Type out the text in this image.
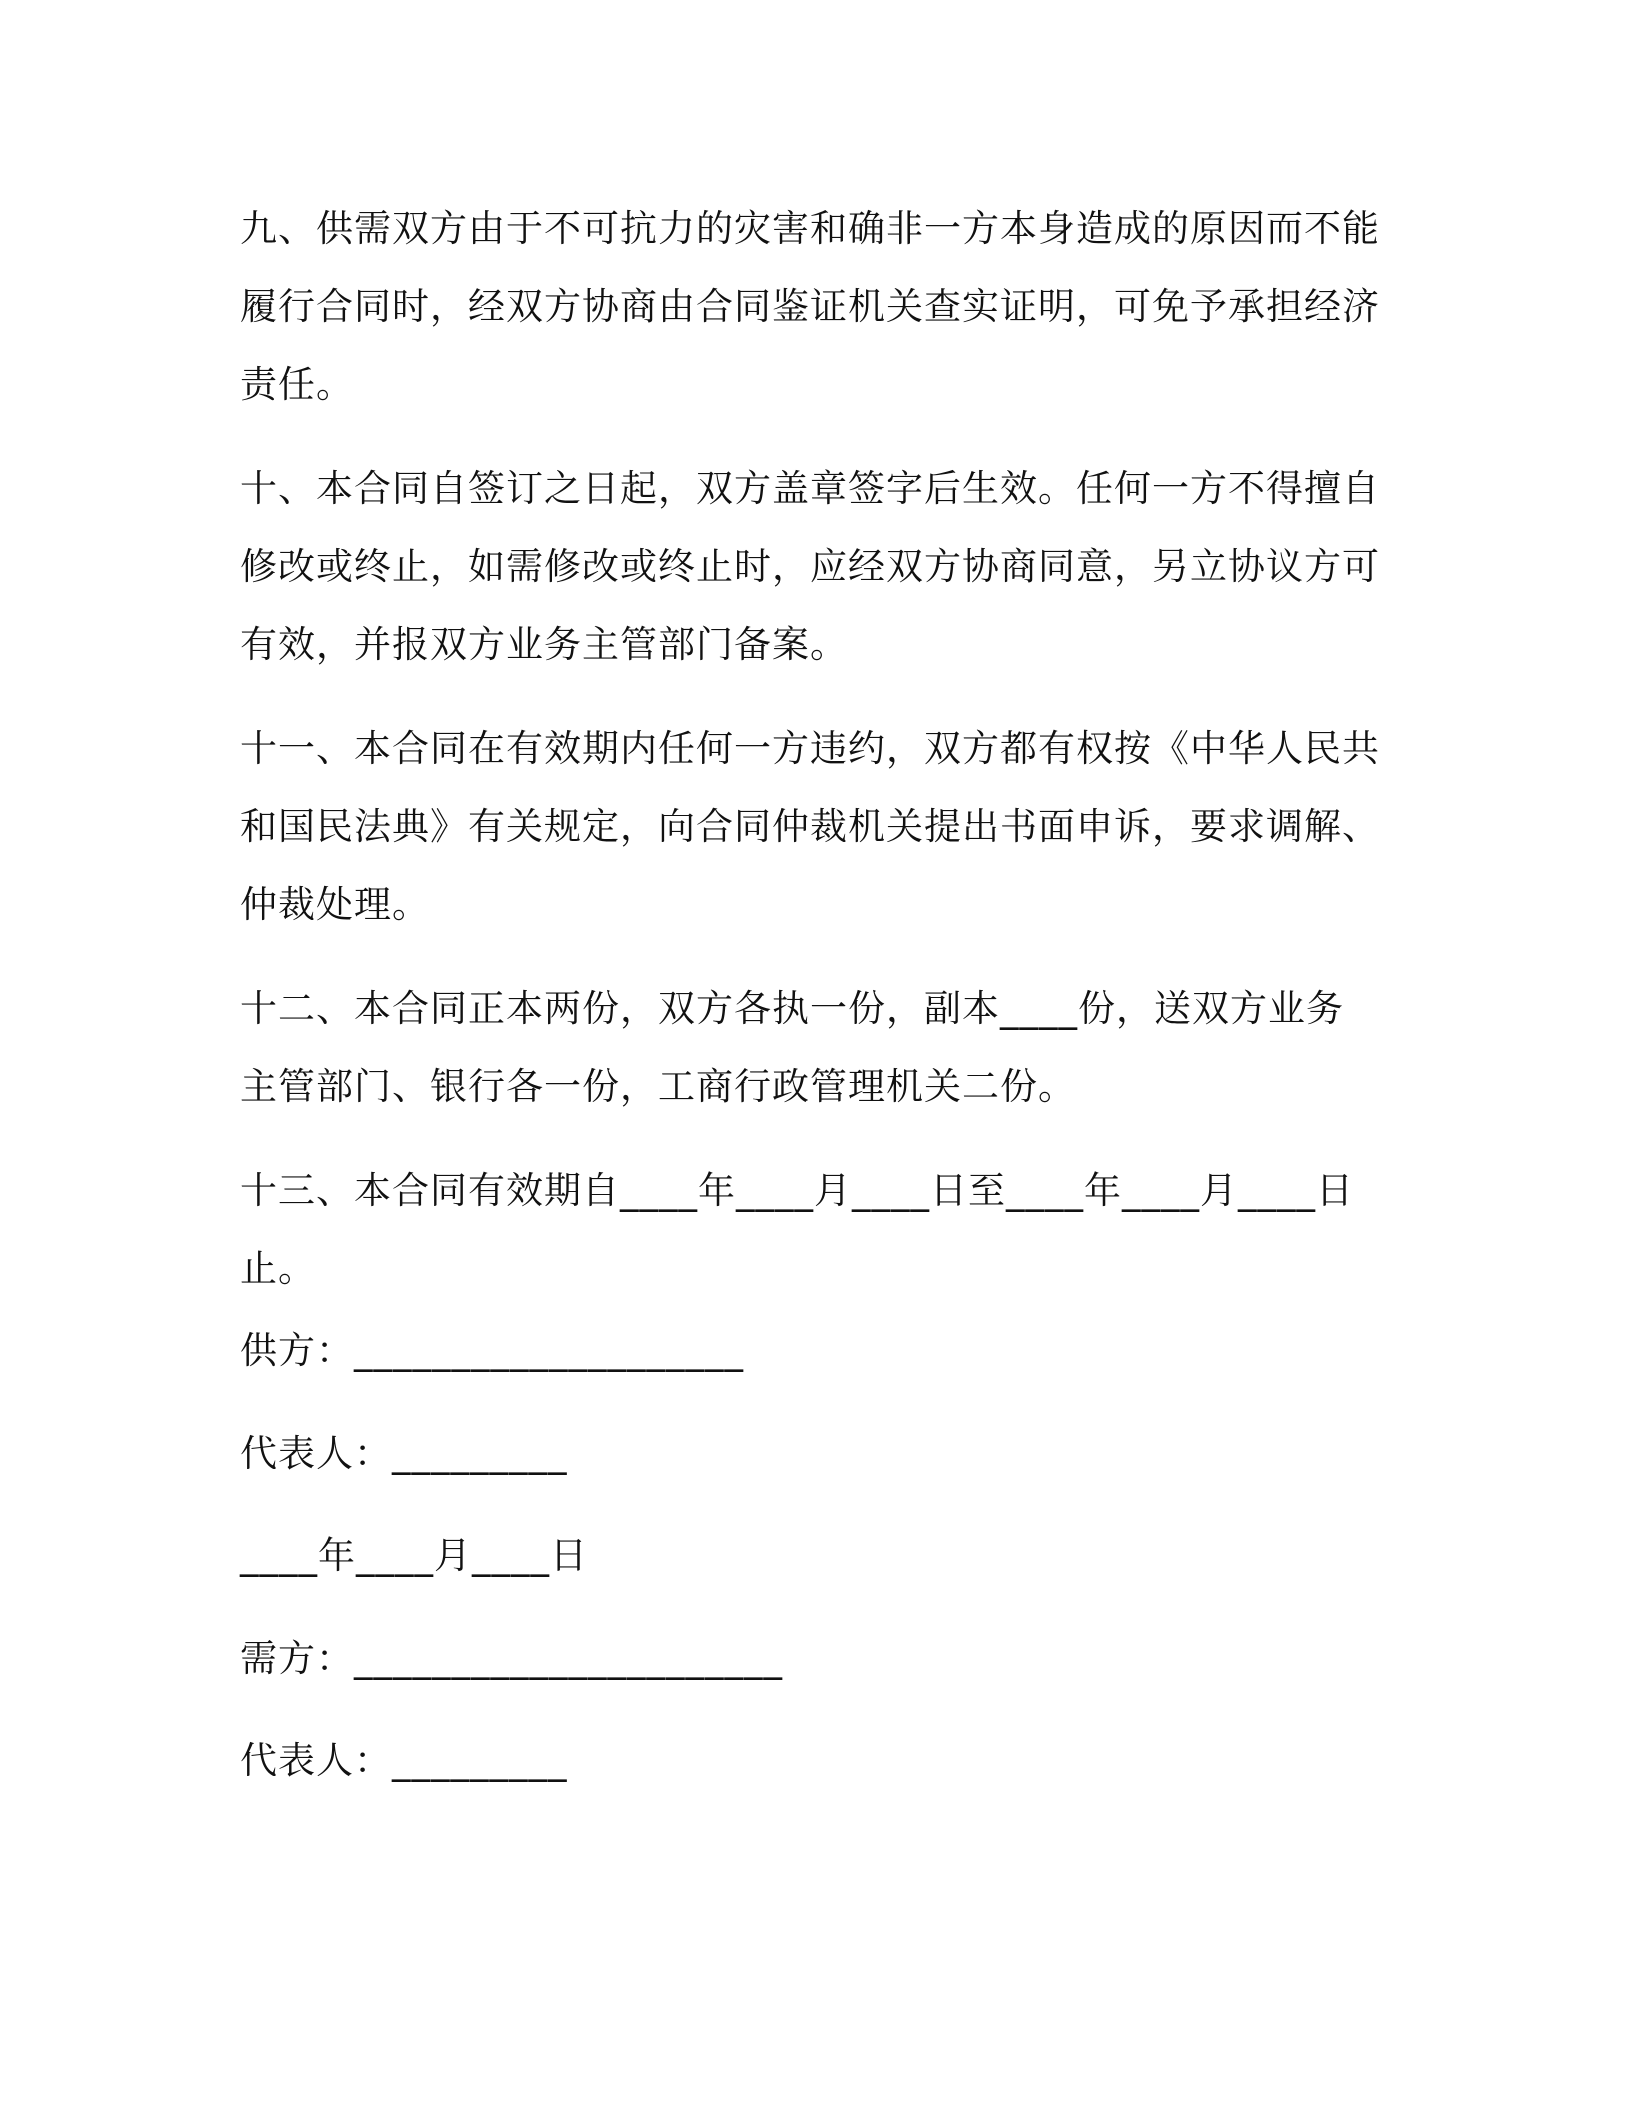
九、供需双方由于不可抗力的灾害和确非一方本身造成的原因而不能履行合同时，经双方协商由合同鉴证机关查实证明，可免予承担经济责任。

十、本合同自签订之日起，双方盖章签字后生效。任何一方不得擅自修改或终止，如需修改或终止时，应经双方协商同意，另立协议方可有效，并报双方业务主管部门备案。

十一、本合同在有效期内任何一方违约，双方都有权按《中华人民共和国民法典》有关规定，向合同仲裁机关提出书面申诉，要求调解、仲裁处理。

十二、本合同正本两份，双方各执一份，副本____份，送双方业务主管部门、银行各一份，工商行政管理机关二份。

十三、本合同有效期自____年____月____日至____年____月____日止。

供方：____________________
代表人：_________
____年____月____日
需方：______________________
代表人：_________
